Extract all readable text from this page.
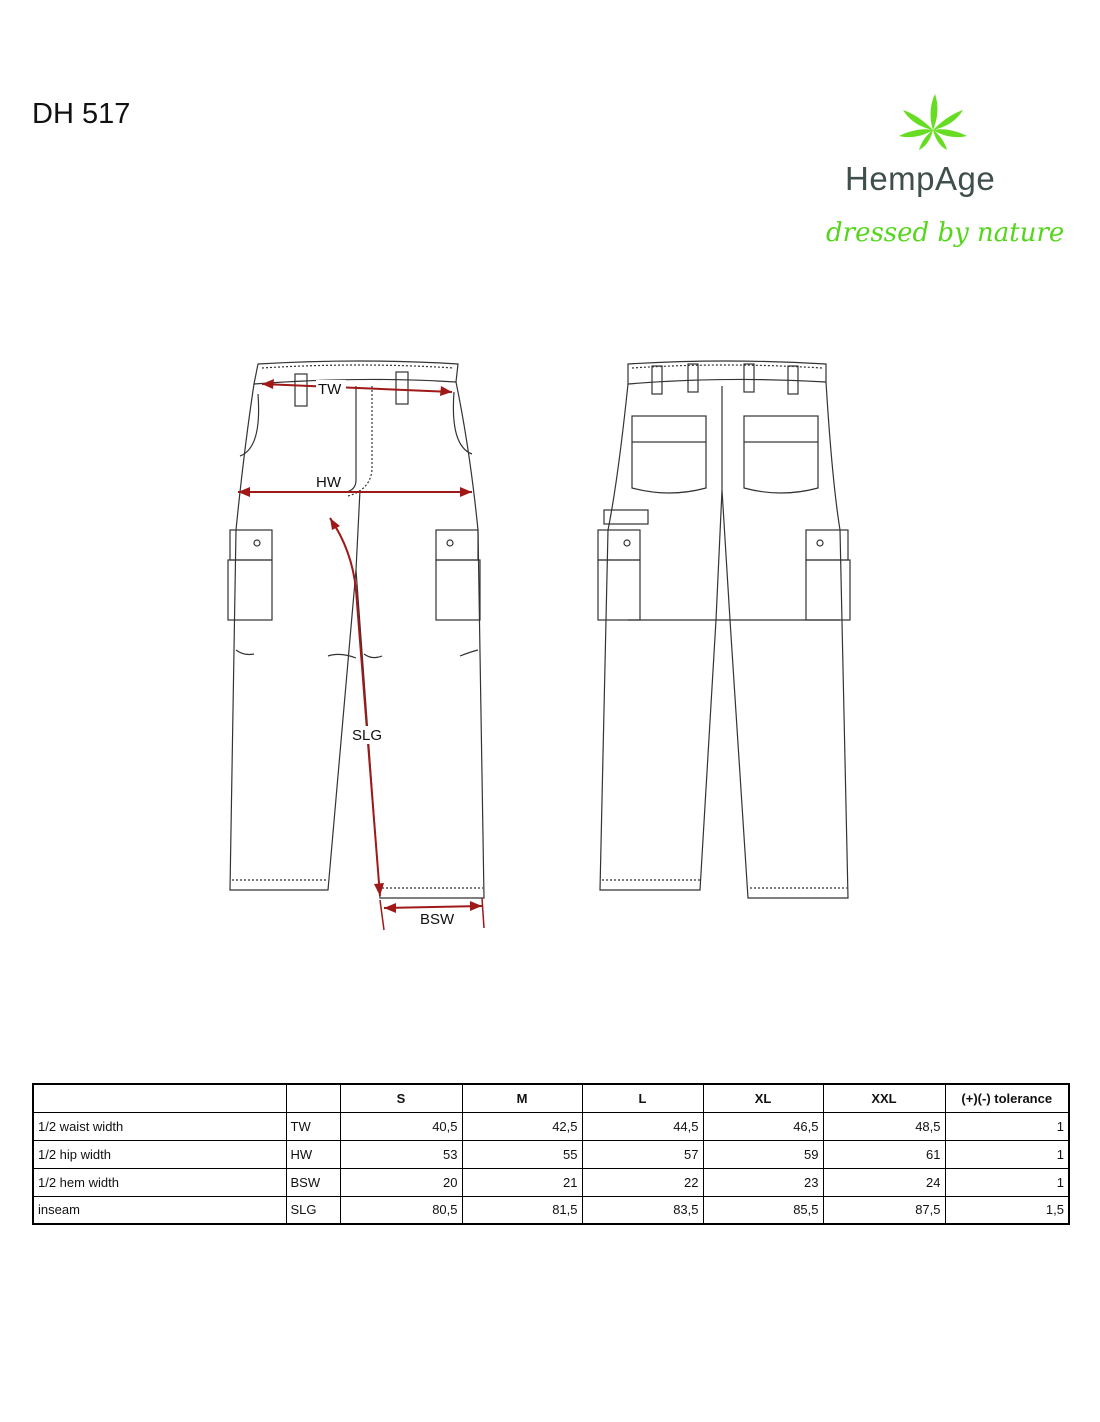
DH 517
HempAge
dressed by nature
TW
HW
SLG
BSW
		S	M	L	XL	XXL	(+)(-) tolerance
1/2 waist width	TW	40,5	42,5	44,5	46,5	48,5	1
1/2 hip width	HW	53	55	57	59	61	1
1/2 hem width	BSW	20	21	22	23	24	1
inseam	SLG	80,5	81,5	83,5	85,5	87,5	1,5
